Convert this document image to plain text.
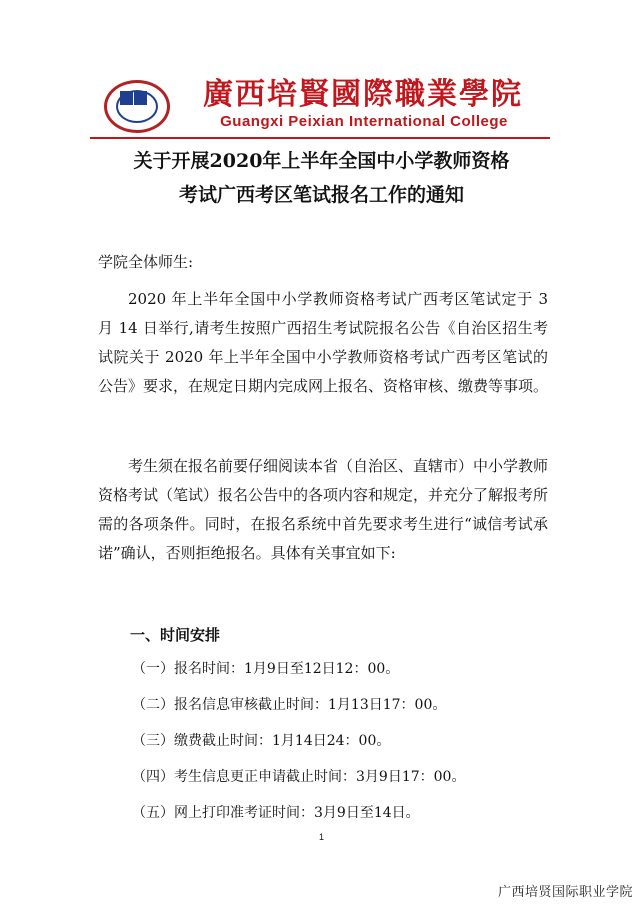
廣西培賢國際職業學院
Guangxi Peixian International College
关于开展2020年上半年全国中小学教师资格
考试广西考区笔试报名工作的通知
学院全体师生:

2020 年上半年全国中小学教师资格考试广西考区笔试定于 3 月 14 日举行,请考生按照广西招生考试院报名公告《自治区招生考试院关于 2020 年上半年全国中小学教师资格考试广西考区笔试的公告》要求，在规定日期内完成网上报名、资格审核、缴费等事项。

考生须在报名前要仔细阅读本省（自治区、直辖市）中小学教师资格考试（笔试）报名公告中的各项内容和规定，并充分了解报考所需的各项条件。同时，在报名系统中首先要求考生进行“诚信考试承诺”确认，否则拒绝报名。具体有关事宜如下:

一、时间安排
（一）报名时间：1月9日至12日12：00。
（二）报名信息审核截止时间：1月13日17：00。
（三）缴费截止时间：1月14日24：00。
（四）考生信息更正申请截止时间：3月9日17：00。
（五）网上打印准考证时间：3月9日至14日。
1
广西培贤国际职业学院
